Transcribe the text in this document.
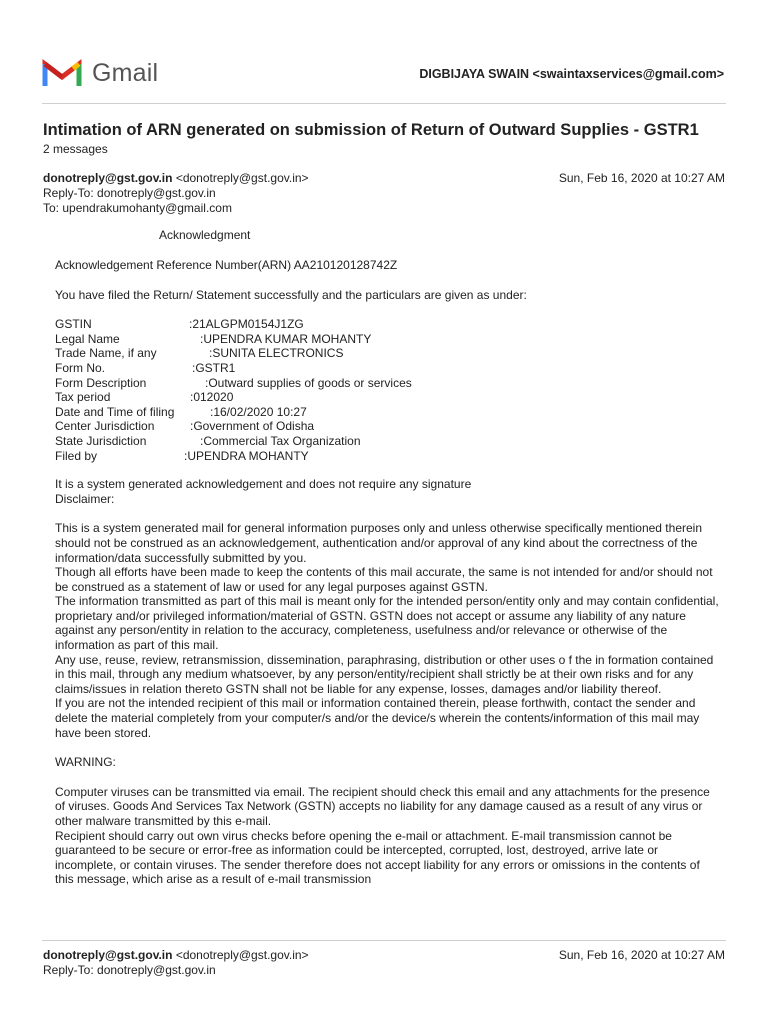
Gmail	DIGBIJAYA SWAIN <swaintaxservices@gmail.com>
Intimation of ARN generated on submission of Return of Outward Supplies - GSTR1
2 messages
donotreply@gst.gov.in <donotreply@gst.gov.in>	Sun, Feb 16, 2020 at 10:27 AM
Reply-To: donotreply@gst.gov.in
To: upendrakumohanty@gmail.com
Acknowledgment
Acknowledgement Reference Number(ARN) AA210120128742Z
You have filed the Return/ Statement successfully and the particulars are given as under:
GSTIN	:21ALGPM0154J1ZG
Legal Name	:UPENDRA KUMAR MOHANTY
Trade Name, if any	:SUNITA ELECTRONICS
Form No.	:GSTR1
Form Description	:Outward supplies of goods or services
Tax period	:012020
Date and Time of filing	:16/02/2020 10:27
Center Jurisdiction	:Government of Odisha
State Jurisdiction	:Commercial Tax Organization
Filed by	:UPENDRA MOHANTY
It is a system generated acknowledgement and does not require any signature
Disclaimer:

This is a system generated mail for general information purposes only and unless otherwise specifically mentioned therein should not be construed as an acknowledgement, authentication and/or approval of any kind about the correctness of the information/data successfully submitted by you.

Though all efforts have been made to keep the contents of this mail accurate, the same is not intended for and/or should not be construed as a statement of law or used for any legal purposes against GSTN.

The information transmitted as part of this mail is meant only for the intended person/entity only and may contain confidential, proprietary and/or privileged information/material of GSTN. GSTN does not accept or assume any liability of any nature against any person/entity in relation to the accuracy, completeness, usefulness and/or relevance or otherwise of the information as part of this mail.

Any use, reuse, review, retransmission, dissemination, paraphrasing, distribution or other uses o f the in formation contained in this mail, through any medium whatsoever, by any person/entity/recipient shall strictly be at their own risks and for any claims/issues in relation thereto GSTN shall not be liable for any expense, losses, damages and/or liability thereof.

If you are not the intended recipient of this mail or information contained therein, please forthwith, contact the sender and delete the material completely from your computer/s and/or the device/s wherein the contents/information of this mail may have been stored.

WARNING:

Computer viruses can be transmitted via email. The recipient should check this email and any attachments for the presence of viruses. Goods And Services Tax Network (GSTN) accepts no liability for any damage caused as a result of any virus or other malware transmitted by this e-mail.

Recipient should carry out own virus checks before opening the e-mail or attachment. E-mail transmission cannot be guaranteed to be secure or error-free as information could be intercepted, corrupted, lost, destroyed, arrive late or incomplete, or contain viruses. The sender therefore does not accept liability for any errors or omissions in the contents of this message, which arise as a result of e-mail transmission

donotreply@gst.gov.in <donotreply@gst.gov.in>	Sun, Feb 16, 2020 at 10:27 AM
Reply-To: donotreply@gst.gov.in
